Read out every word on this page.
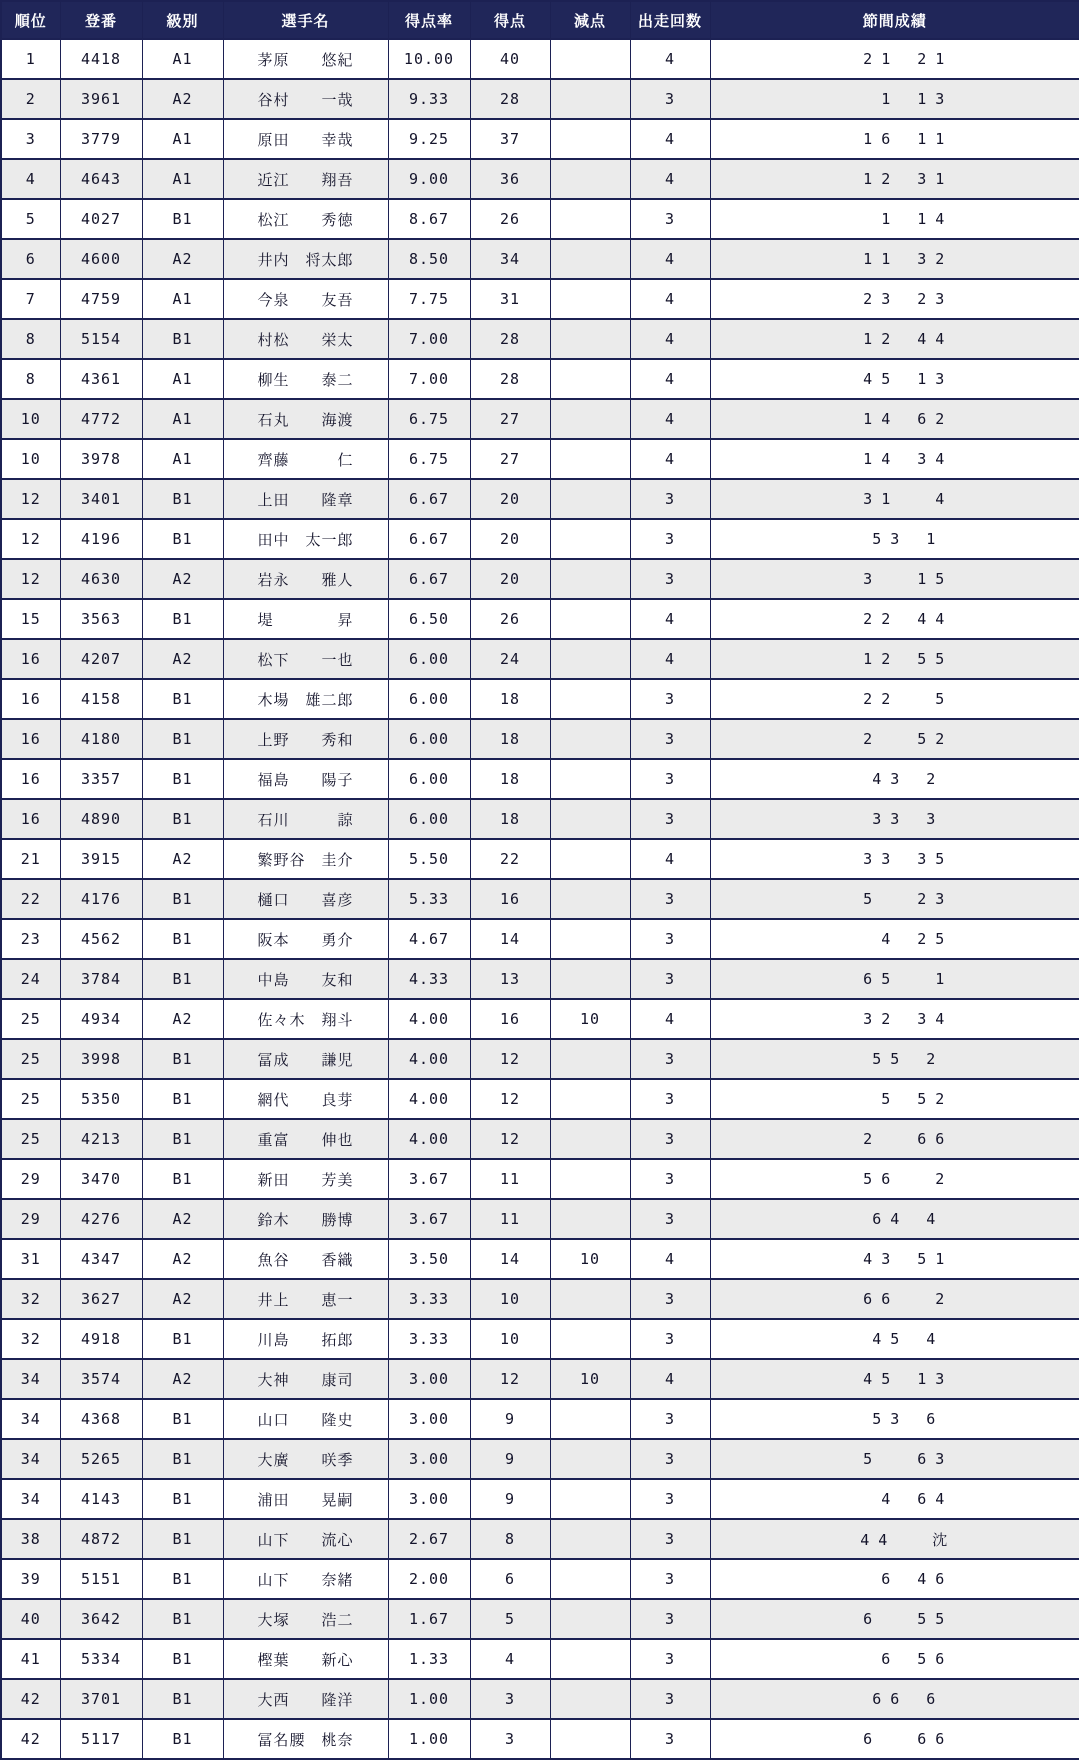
順位	登番	級別	選手名	得点率	得点	減点	出走回数	節間成績
1	4418	A1	茅原　　悠紀	10.00	40		4	21 21
2	3961	A2	谷村　　一哉	9.33	28		3	1 13
3	3779	A1	原田　　幸哉	9.25	37		4	16 11
4	4643	A1	近江　　翔吾	9.00	36		4	12 31
5	4027	B1	松江　　秀徳	8.67	26		3	1 14
6	4600	A2	井内　将太郎	8.50	34		4	11 32
7	4759	A1	今泉　　友吾	7.75	31		4	23 23
8	5154	B1	村松　　栄太	7.00	28		4	12 44
8	4361	A1	柳生　　泰二	7.00	28		4	45 13
10	4772	A1	石丸　　海渡	6.75	27		4	14 62
10	3978	A1	齊藤　　　仁	6.75	27		4	14 34
12	3401	B1	上田　　隆章	6.67	20		3	31  4
12	4196	B1	田中　太一郎	6.67	20		3	53 1
12	4630	A2	岩永　　雅人	6.67	20		3	3  15
15	3563	B1	堤　　　　昇	6.50	26		4	22 44
16	4207	A2	松下　　一也	6.00	24		4	12 55
16	4158	B1	木場　雄二郎	6.00	18		3	22  5
16	4180	B1	上野　　秀和	6.00	18		3	2  52
16	3357	B1	福島　　陽子	6.00	18		3	43 2
16	4890	B1	石川　　　諒	6.00	18		3	33 3
21	3915	A2	繁野谷　圭介	5.50	22		4	33 35
22	4176	B1	樋口　　喜彦	5.33	16		3	5  23
23	4562	B1	阪本　　勇介	4.67	14		3	4 25
24	3784	B1	中島　　友和	4.33	13		3	65  1
25	4934	A2	佐々木　翔斗	4.00	16	10	4	32 34
25	3998	B1	冨成　　謙児	4.00	12		3	55 2
25	5350	B1	網代　　良芽	4.00	12		3	5 52
25	4213	B1	重富　　伸也	4.00	12		3	2  66
29	3470	B1	新田　　芳美	3.67	11		3	56  2
29	4276	A2	鈴木　　勝博	3.67	11		3	64 4
31	4347	A2	魚谷　　香織	3.50	14	10	4	43 51
32	3627	A2	井上　　恵一	3.33	10		3	66  2
32	4918	B1	川島　　拓郎	3.33	10		3	45 4
34	3574	A2	大神　　康司	3.00	12	10	4	45 13
34	4368	B1	山口　　隆史	3.00	9		3	53 6
34	5265	B1	大廣　　咲季	3.00	9		3	5  63
34	4143	B1	浦田　　晃嗣	3.00	9		3	4 64
38	4872	B1	山下　　流心	2.67	8		3	44  沈
39	5151	B1	山下　　奈緒	2.00	6		3	6 46
40	3642	B1	大塚　　浩二	1.67	5		3	6  55
41	5334	B1	樫葉　　新心	1.33	4		3	6 56
42	3701	B1	大西　　隆洋	1.00	3		3	66 6
42	5117	B1	冨名腰　桃奈	1.00	3		3	6  66
